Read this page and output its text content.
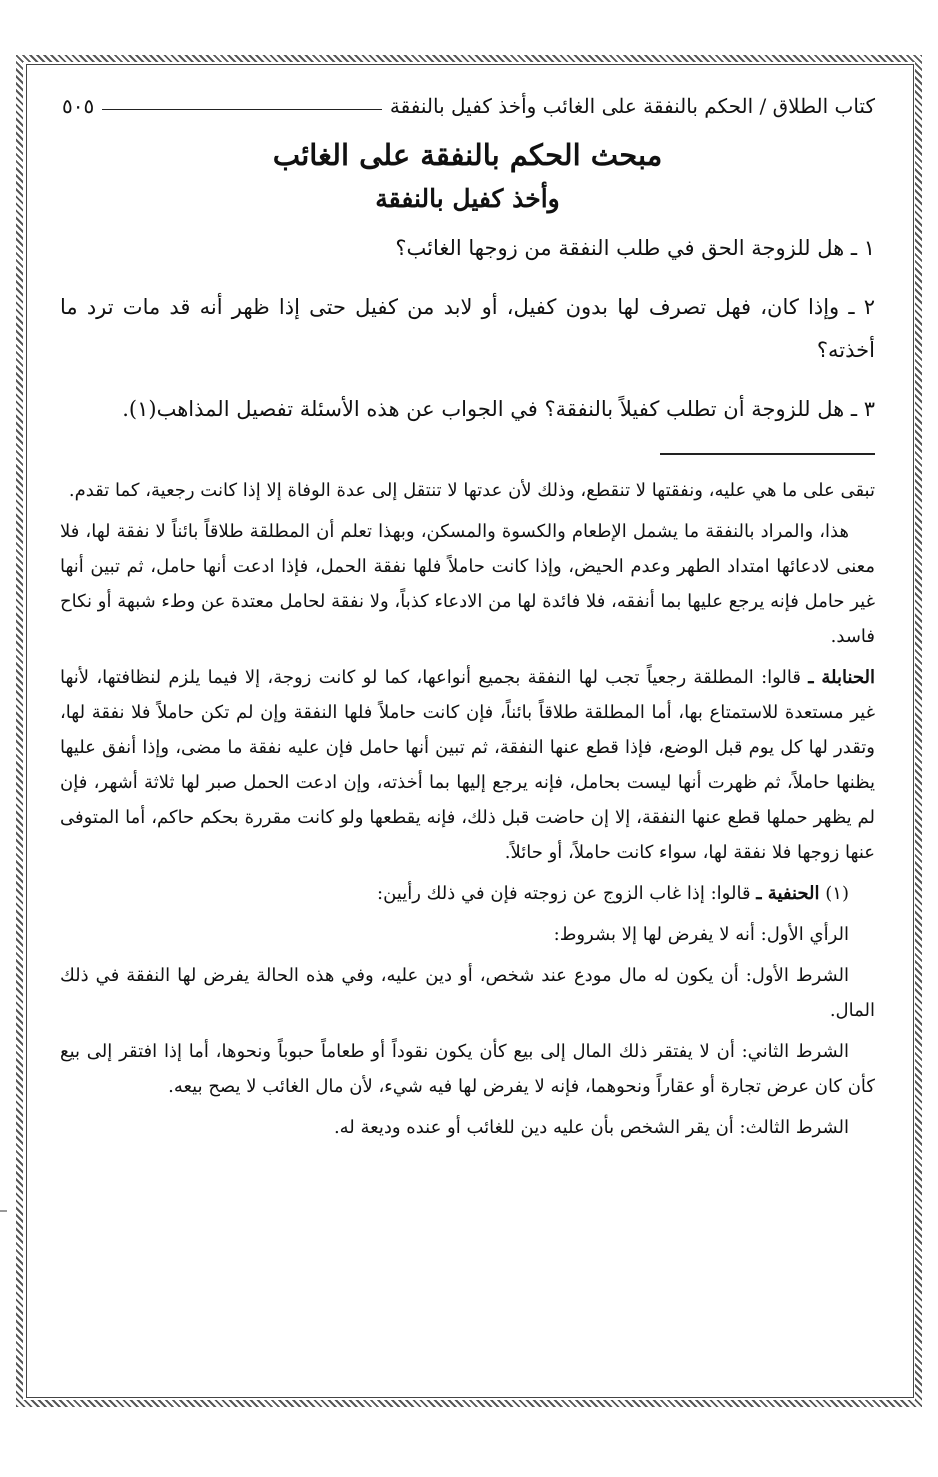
كتاب الطلاق / الحكم بالنفقة على الغائب وأخذ كفيل بالنفقة
٥٠٥
مبحث الحكم بالنفقة على الغائب
وأخذ كفيل بالنفقة

١ ـ هل للزوجة الحق في طلب النفقة من زوجها الغائب؟

٢ ـ وإذا كان، فهل تصرف لها بدون كفيل، أو لابد من كفيل حتى إذا ظهر أنه قد مات ترد ما أخذته؟

٣ ـ هل للزوجة أن تطلب كفيلاً بالنفقة؟ في الجواب عن هذه الأسئلة تفصيل المذاهب(١).

تبقى على ما هي عليه، ونفقتها لا تنقطع، وذلك لأن عدتها لا تنتقل إلى عدة الوفاة إلا إذا كانت رجعية، كما تقدم.

هذا، والمراد بالنفقة ما يشمل الإطعام والكسوة والمسكن، وبهذا تعلم أن المطلقة طلاقاً بائناً لا نفقة لها، فلا معنى لادعائها امتداد الطهر وعدم الحيض، وإذا كانت حاملاً فلها نفقة الحمل، فإذا ادعت أنها حامل، ثم تبين أنها غير حامل فإنه يرجع عليها بما أنفقه، فلا فائدة لها من الادعاء كذباً، ولا نفقة لحامل معتدة عن وطء شبهة أو نكاح فاسد.

الحنابلة ـ قالوا: المطلقة رجعياً تجب لها النفقة بجميع أنواعها، كما لو كانت زوجة، إلا فيما يلزم لنظافتها، لأنها غير مستعدة للاستمتاع بها، أما المطلقة طلاقاً بائناً، فإن كانت حاملاً فلها النفقة وإن لم تكن حاملاً فلا نفقة لها، وتقدر لها كل يوم قبل الوضع، فإذا قطع عنها النفقة، ثم تبين أنها حامل فإن عليه نفقة ما مضى، وإذا أنفق عليها يظنها حاملاً، ثم ظهرت أنها ليست بحامل، فإنه يرجع إليها بما أخذته، وإن ادعت الحمل صبر لها ثلاثة أشهر، فإن لم يظهر حملها قطع عنها النفقة، إلا إن حاضت قبل ذلك، فإنه يقطعها ولو كانت مقررة بحكم حاكم، أما المتوفى عنها زوجها فلا نفقة لها، سواء كانت حاملاً، أو حائلاً.

(١) الحنفية ـ قالوا: إذا غاب الزوج عن زوجته فإن في ذلك رأيين:

الرأي الأول: أنه لا يفرض لها إلا بشروط:

الشرط الأول: أن يكون له مال مودع عند شخص، أو دين عليه، وفي هذه الحالة يفرض لها النفقة في ذلك المال.

الشرط الثاني: أن لا يفتقر ذلك المال إلى بيع كأن يكون نقوداً أو طعاماً حبوباً ونحوها، أما إذا افتقر إلى بيع كأن كان عرض تجارة أو عقاراً ونحوهما، فإنه لا يفرض لها فيه شيء، لأن مال الغائب لا يصح بيعه.

الشرط الثالث: أن يقر الشخص بأن عليه دين للغائب أو عنده وديعة له.
